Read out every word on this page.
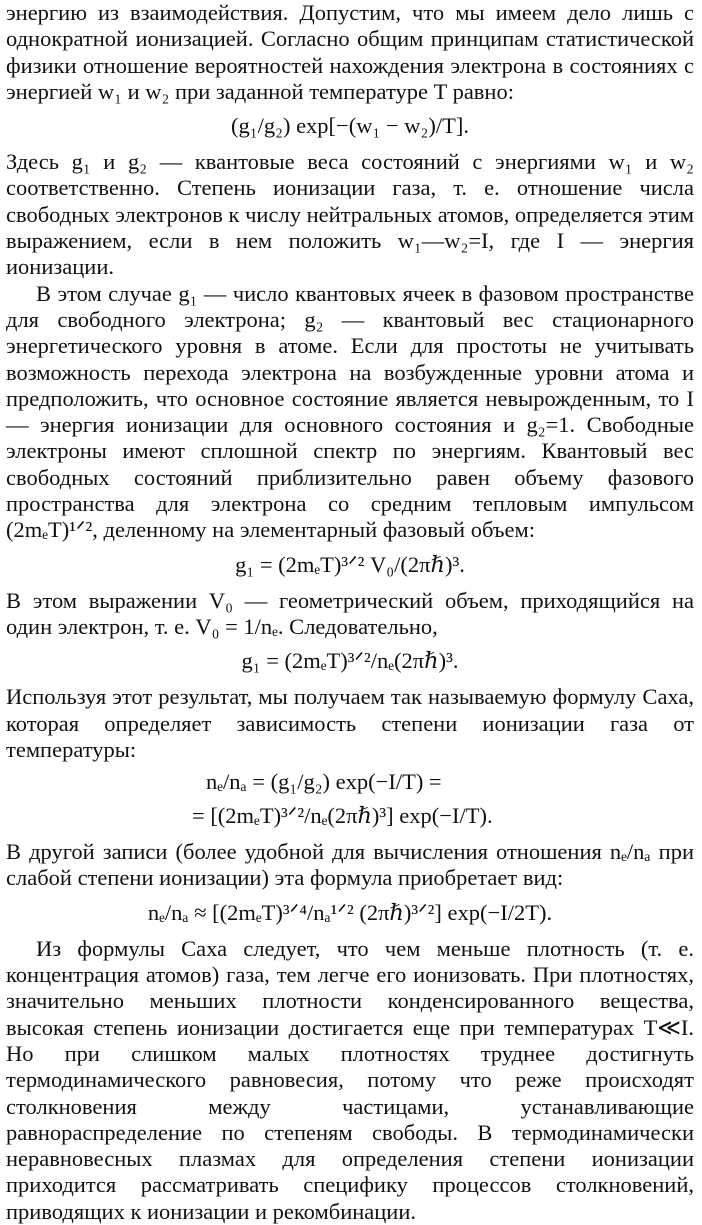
энергию из взаимодействия. Допустим, что мы имеем дело лишь с однократной ионизацией. Согласно общим принципам статистической физики отношение вероятностей нахождения электрона в состояниях с энергией w₁ и w₂ при заданной температуре T равно:

(g₁/g₂) exp[−(w₁ − w₂)/T].

Здесь g₁ и g₂ — квантовые веса состояний с энергиями w₁ и w₂ соответственно. Степень ионизации газа, т. е. отношение числа свободных электронов к числу нейтральных атомов, определяется этим выражением, если в нем положить w₁—w₂=I, где I — энергия ионизации.

В этом случае g₁ — число квантовых ячеек в фазовом пространстве для свободного электрона; g₂ — квантовый вес стационарного энергетического уровня в атоме. Если для простоты не учитывать возможность перехода электрона на возбужденные уровни атома и предположить, что основное состояние является невырожденным, то I — энергия ионизации для основного состояния и g₂=1. Свободные электроны имеют сплошной спектр по энергиям. Квантовый вес свободных состояний приблизительно равен объему фазового пространства для электрона со средним тепловым импульсом (2mₑT)¹ᐟ², деленному на элементарный фазовый объем:

g₁ = (2mₑT)³ᐟ² V₀/(2πℏ)³.

В этом выражении V₀ — геометрический объем, приходящийся на один электрон, т. е. V₀ = 1/nₑ. Следовательно,

g₁ = (2mₑT)³ᐟ²/nₑ(2πℏ)³.

Используя этот результат, мы получаем так называемую формулу Саха, которая определяет зависимость степени ионизации газа от температуры:

nₑ/nₐ = (g₁/g₂) exp(−I/T) =
= [(2mₑT)³ᐟ²/nₑ(2πℏ)³] exp(−I/T).

В другой записи (более удобной для вычисления отношения nₑ/nₐ при слабой степени ионизации) эта формула приобретает вид:

nₑ/nₐ ≈ [(2mₑT)³ᐟ⁴/nₐ¹ᐟ² (2πℏ)³ᐟ²] exp(−I/2T).

Из формулы Саха следует, что чем меньше плотность (т. е. концентрация атомов) газа, тем легче его ионизовать. При плотностях, значительно меньших плотности конденсированного вещества, высокая степень ионизации достигается еще при температурах T≪I. Но при слишком малых плотностях труднее достигнуть термодинамического равновесия, потому что реже происходят столкновения между частицами, устанавливающие равнораспределение по степеням свободы. В термодинамически неравновесных плазмах для определения степени ионизации приходится рассматривать специфику процессов столкновений, приводящих к ионизации и рекомбинации.
